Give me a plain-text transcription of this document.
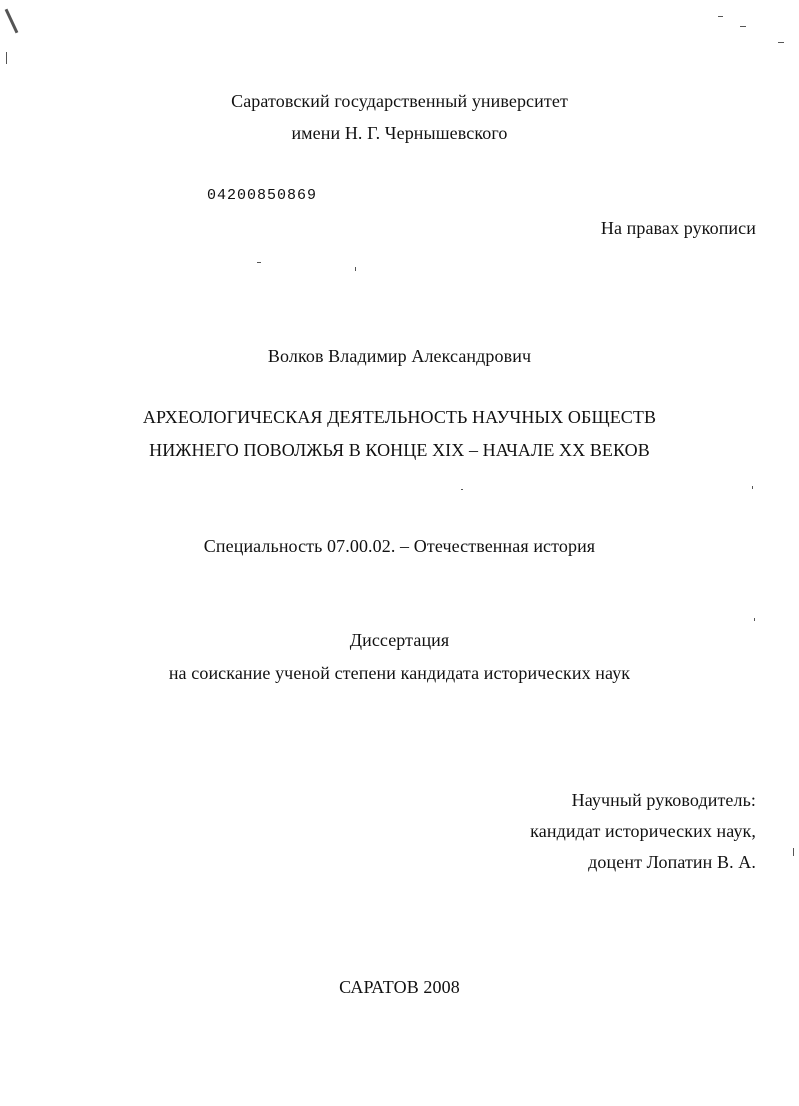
Саратовский государственный университет
имени Н. Г. Чернышевского
04200850869
На правах рукописи
Волков Владимир Александрович
АРХЕОЛОГИЧЕСКАЯ ДЕЯТЕЛЬНОСТЬ НАУЧНЫХ ОБЩЕСТВ
НИЖНЕГО ПОВОЛЖЬЯ В КОНЦЕ XIX – НАЧАЛЕ XX ВЕКОВ
Специальность 07.00.02. – Отечественная история
Диссертация
на соискание ученой степени кандидата исторических наук
Научный руководитель:
кандидат исторических наук,
доцент Лопатин В. А.
САРАТОВ 2008
